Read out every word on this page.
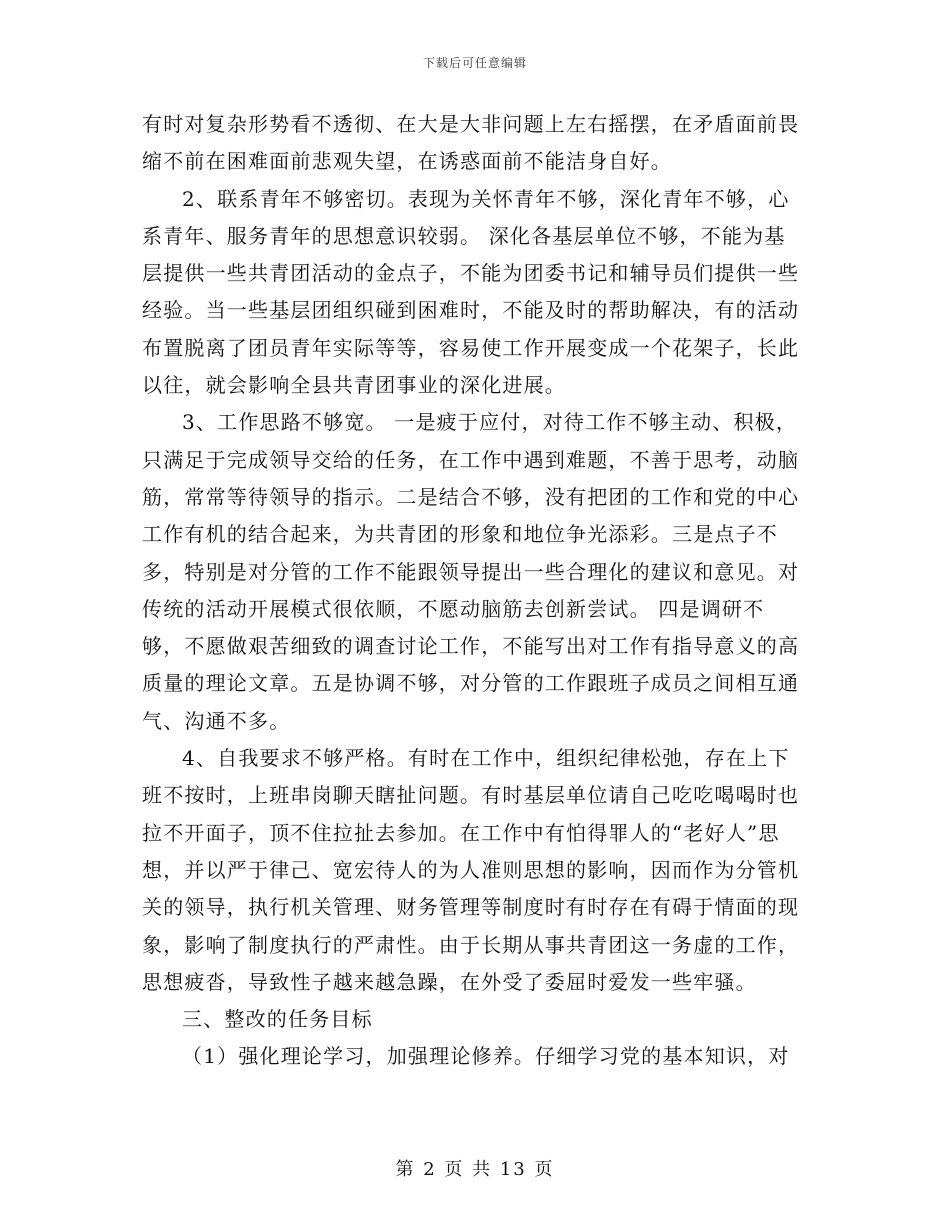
下载后可任意编辑

有时对复杂形势看不透彻、在大是大非问题上左右摇摆，在矛盾面前畏缩不前在困难面前悲观失望，在诱惑面前不能洁身自好。

2、联系青年不够密切。表现为关怀青年不够，深化青年不够，心系青年、服务青年的思想意识较弱。 深化各基层单位不够，不能为基层提供一些共青团活动的金点子，不能为团委书记和辅导员们提供一些经验。当一些基层团组织碰到困难时，不能及时的帮助解决，有的活动布置脱离了团员青年实际等等，容易使工作开展变成一个花架子，长此以往，就会影响全县共青团事业的深化进展。

3、工作思路不够宽。 一是疲于应付，对待工作不够主动、积极，只满足于完成领导交给的任务，在工作中遇到难题，不善于思考，动脑筋，常常等待领导的指示。二是结合不够，没有把团的工作和党的中心工作有机的结合起来，为共青团的形象和地位争光添彩。三是点子不多，特别是对分管的工作不能跟领导提出一些合理化的建议和意见。对传统的活动开展模式很依顺，不愿动脑筋去创新尝试。 四是调研不够，不愿做艰苦细致的调查讨论工作，不能写出对工作有指导意义的高质量的理论文章。五是协调不够，对分管的工作跟班子成员之间相互通气、沟通不多。

4、自我要求不够严格。有时在工作中，组织纪律松弛，存在上下班不按时，上班串岗聊天瞎扯问题。有时基层单位请自己吃吃喝喝时也拉不开面子，顶不住拉扯去参加。在工作中有怕得罪人的“老好人”思想，并以严于律己、宽宏待人的为人准则思想的影响，因而作为分管机关的领导，执行机关管理、财务管理等制度时有时存在有碍于情面的现象，影响了制度执行的严肃性。由于长期从事共青团这一务虚的工作，思想疲沓，导致性子越来越急躁，在外受了委屈时爱发一些牢骚。

三、整改的任务目标

（1）强化理论学习，加强理论修养。仔细学习党的基本知识，对

第 2 页 共 13 页
